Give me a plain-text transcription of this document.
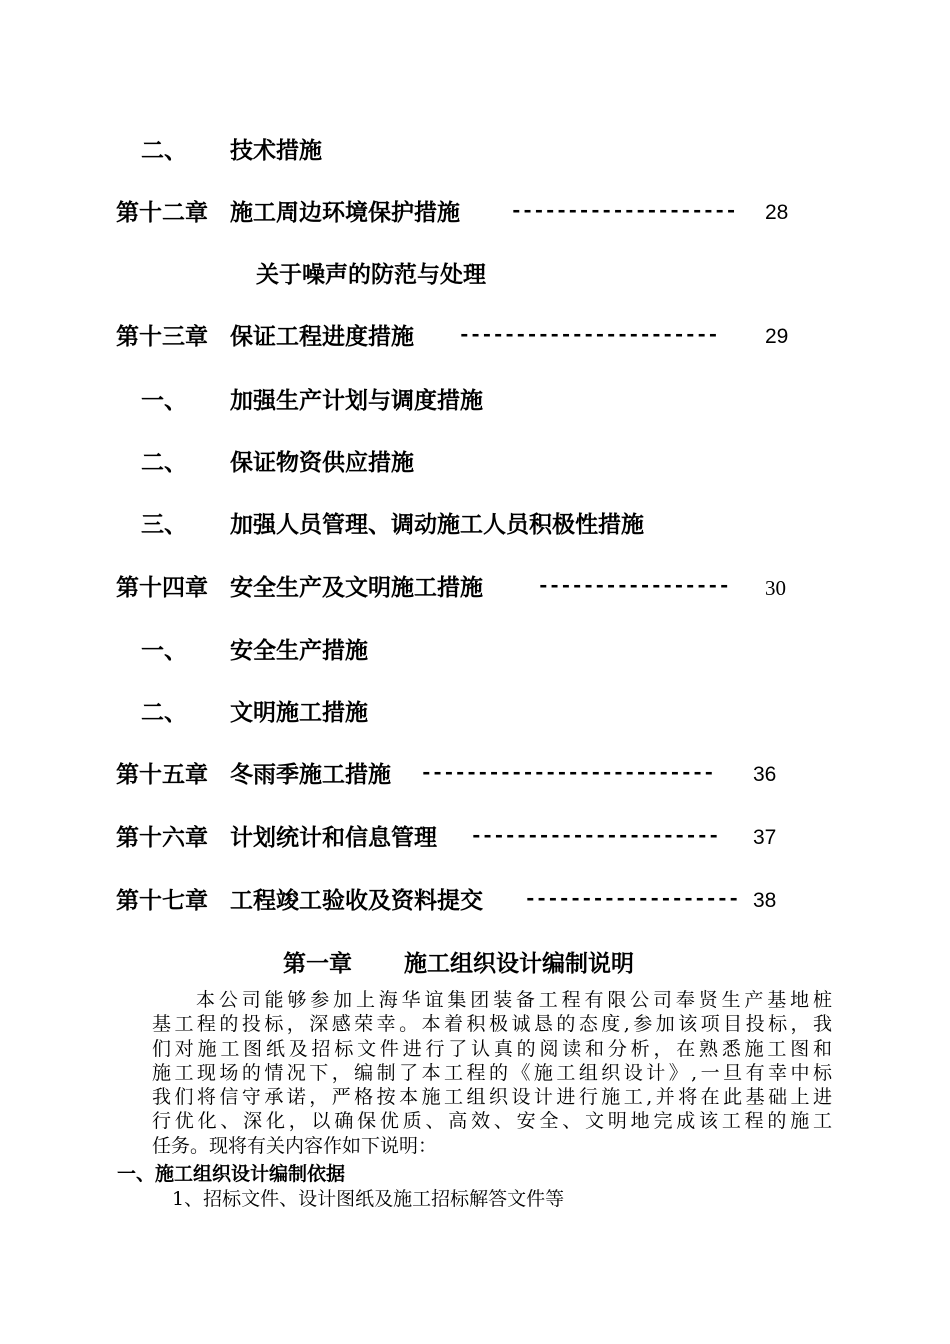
二、 技术措施
第十二章 施工周边环境保护措施 -------------------- 28
关于噪声的防范与处理
第十三章 保证工程进度措施 ----------------------- 29
一、 加强生产计划与调度措施
二、 保证物资供应措施
三、 加强人员管理、调动施工人员积极性措施
第十四章 安全生产及文明施工措施	----------------- 30
一、 安全生产措施
二、 文明施工措施
第十五章 冬雨季施工措施 -------------------------- 36
第十六章 计划统计和信息管理 ---------------------- 37
第十七章 工程竣工验收及资料提交 ------------------- 38
第一章 施工组织设计编制说明
本公司能够参加上海华谊集团装备工程有限公司奉贤生产基地桩
基工程的投标，深感荣幸。本着积极诚恳的态度,参加该项目投标，我
们对施工图纸及招标文件进行了认真的阅读和分析，在熟悉施工图和
施工现场的情况下，编制了本工程的《施工组织设计》,一旦有幸中标
我们将信守承诺，严格按本施工组织设计进行施工,并将在此基础上进
行优化、深化，以确保优质、高效、安全、文明地完成该工程的施工
任务。现将有关内容作如下说明：
一、施工组织设计编制依据
1、招标文件、设计图纸及施工招标解答文件等
